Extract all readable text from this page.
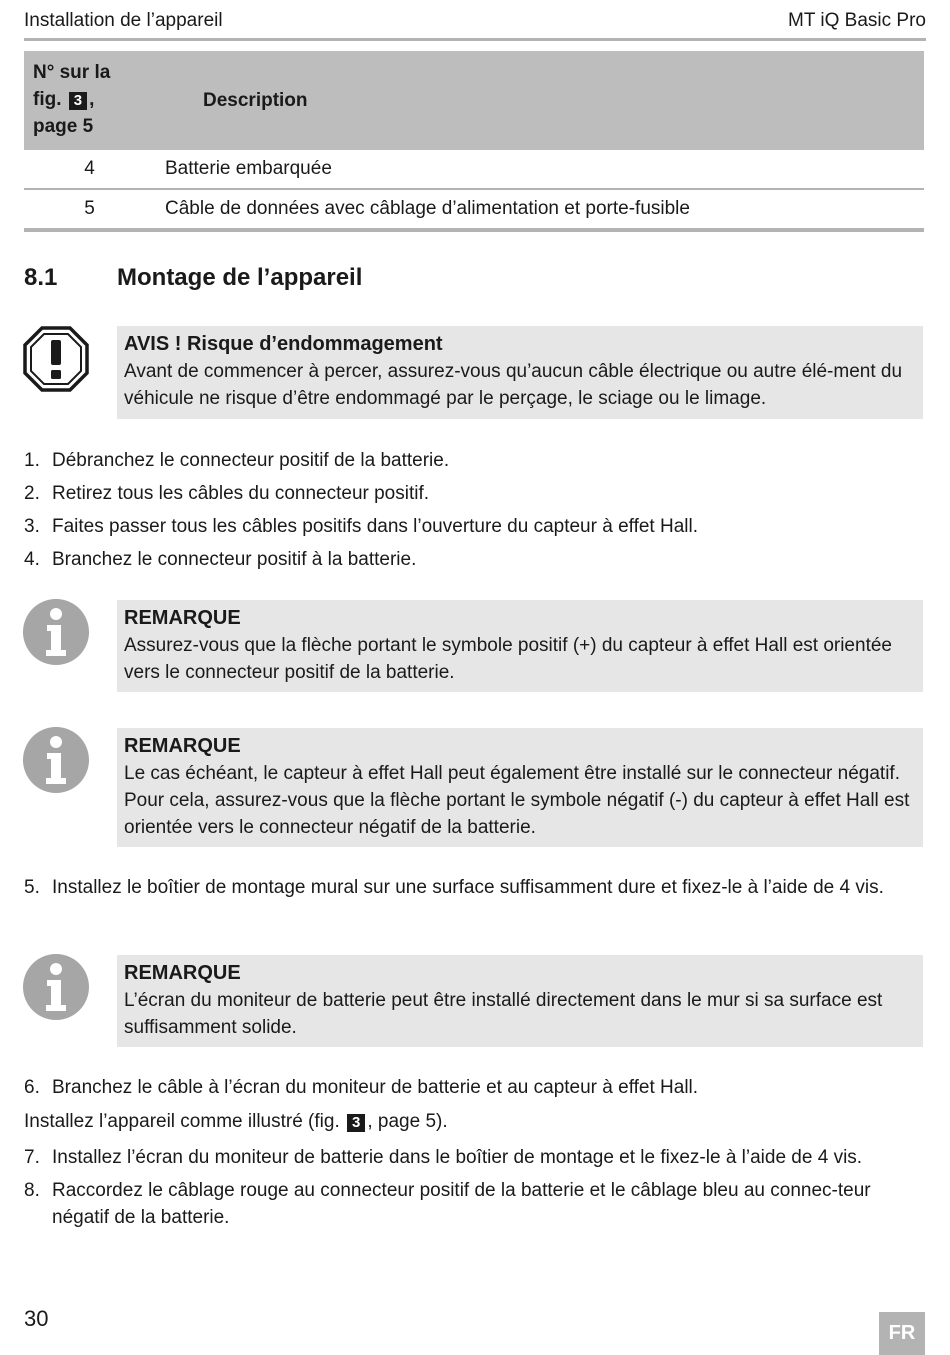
Installation de l’appareil	MT iQ Basic Pro
N° sur la
fig. 3 ,
page 5	Description
4	Batterie embarquée
5	Câble de données avec câblage d’alimentation et porte-fusible
8.1 Montage de l’appareil
AVIS ! Risque d’endommagement
Avant de commencer à percer, assurez-vous qu’aucun câble électrique ou autre élé-ment du véhicule ne risque d’être endommagé par le perçage, le sciage ou le limage.
1. Débranchez le connecteur positif de la batterie.
2. Retirez tous les câbles du connecteur positif.
3. Faites passer tous les câbles positifs dans l’ouverture du capteur à effet Hall.
4. Branchez le connecteur positif à la batterie.
REMARQUE
Assurez-vous que la flèche portant le symbole positif (+) du capteur à effet Hall est orientée vers le connecteur positif de la batterie.
REMARQUE
Le cas échéant, le capteur à effet Hall peut également être installé sur le connecteur négatif. Pour cela, assurez-vous que la flèche portant le symbole négatif (-) du capteur à effet Hall est orientée vers le connecteur négatif de la batterie.
5. Installez le boîtier de montage mural sur une surface suffisamment dure et fixez-le à l’aide de 4 vis.
REMARQUE
L’écran du moniteur de batterie peut être installé directement dans le mur si sa surface est suffisamment solide.
6. Branchez le câble à l’écran du moniteur de batterie et au capteur à effet Hall.
Installez l’appareil comme illustré (fig. 3 , page 5).
7. Installez l’écran du moniteur de batterie dans le boîtier de montage et le fixez-le à l’aide de 4 vis.
8. Raccordez le câblage rouge au connecteur positif de la batterie et le câblage bleu au connec-teur négatif de la batterie.
30
FR
